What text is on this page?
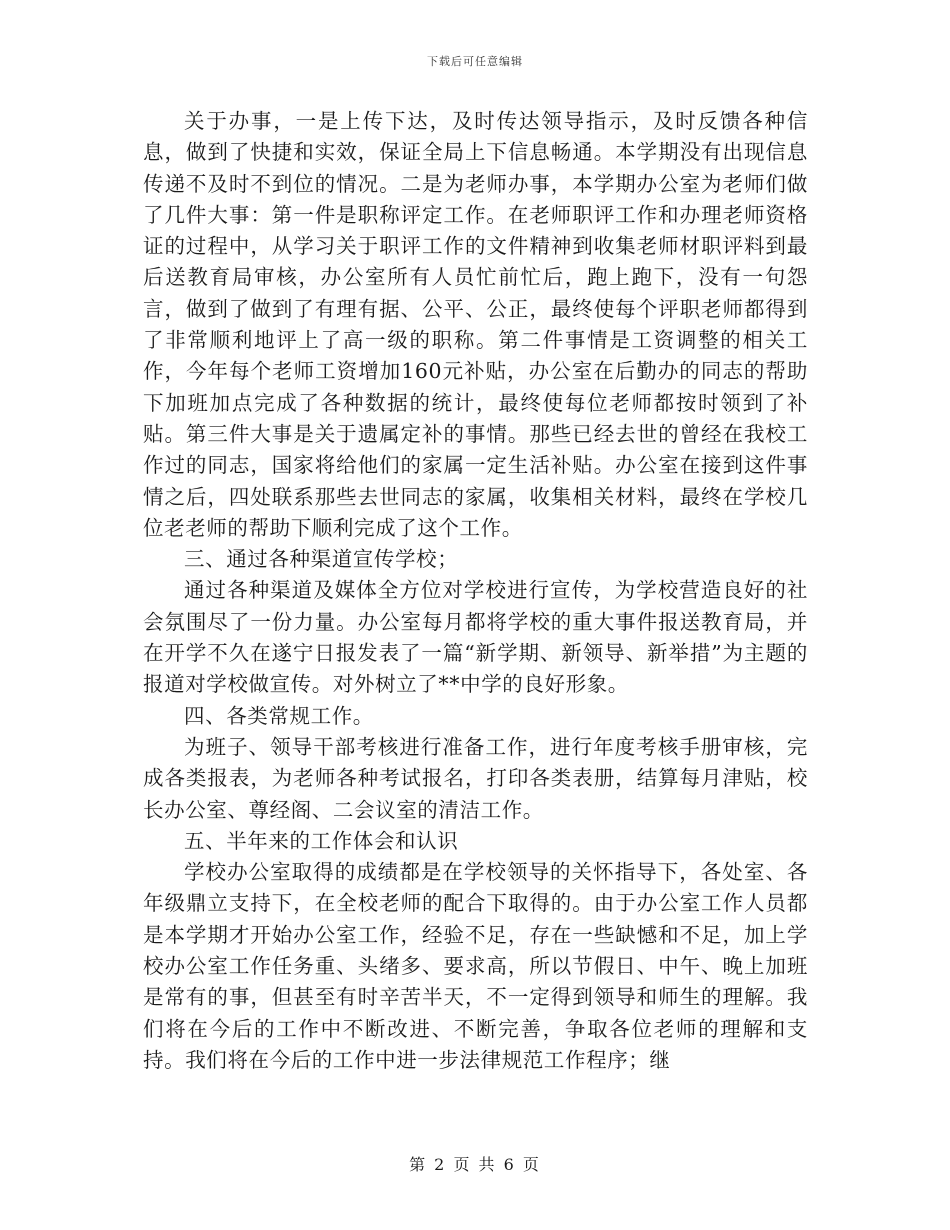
下载后可任意编辑

关于办事，一是上传下达，及时传达领导指示，及时反馈各种信息，做到了快捷和实效，保证全局上下信息畅通。本学期没有出现信息传递不及时不到位的情况。二是为老师办事，本学期办公室为老师们做了几件大事：第一件是职称评定工作。在老师职评工作和办理老师资格证的过程中，从学习关于职评工作的文件精神到收集老师材职评料到最后送教育局审核，办公室所有人员忙前忙后，跑上跑下，没有一句怨言，做到了做到了有理有据、公平、公正，最终使每个评职老师都得到了非常顺利地评上了高一级的职称。第二件事情是工资调整的相关工作，今年每个老师工资增加160元补贴，办公室在后勤办的同志的帮助下加班加点完成了各种数据的统计，最终使每位老师都按时领到了补贴。第三件大事是关于遗属定补的事情。那些已经去世的曾经在我校工作过的同志，国家将给他们的家属一定生活补贴。办公室在接到这件事情之后，四处联系那些去世同志的家属，收集相关材料，最终在学校几位老老师的帮助下顺利完成了这个工作。

三、通过各种渠道宣传学校；

通过各种渠道及媒体全方位对学校进行宣传，为学校营造良好的社会氛围尽了一份力量。办公室每月都将学校的重大事件报送教育局，并在开学不久在遂宁日报发表了一篇“新学期、新领导、新举措”为主题的报道对学校做宣传。对外树立了**中学的良好形象。

四、各类常规工作。

为班子、领导干部考核进行准备工作，进行年度考核手册审核，完成各类报表，为老师各种考试报名，打印各类表册，结算每月津贴，校长办公室、尊经阁、二会议室的清洁工作。

五、半年来的工作体会和认识

学校办公室取得的成绩都是在学校领导的关怀指导下，各处室、各年级鼎立支持下，在全校老师的配合下取得的。由于办公室工作人员都是本学期才开始办公室工作，经验不足，存在一些缺憾和不足，加上学校办公室工作任务重、头绪多、要求高，所以节假日、中午、晚上加班是常有的事，但甚至有时辛苦半天，不一定得到领导和师生的理解。我们将在今后的工作中不断改进、不断完善，争取各位老师的理解和支持。我们将在今后的工作中进一步法律规范工作程序；继

第 2 页 共 6 页
